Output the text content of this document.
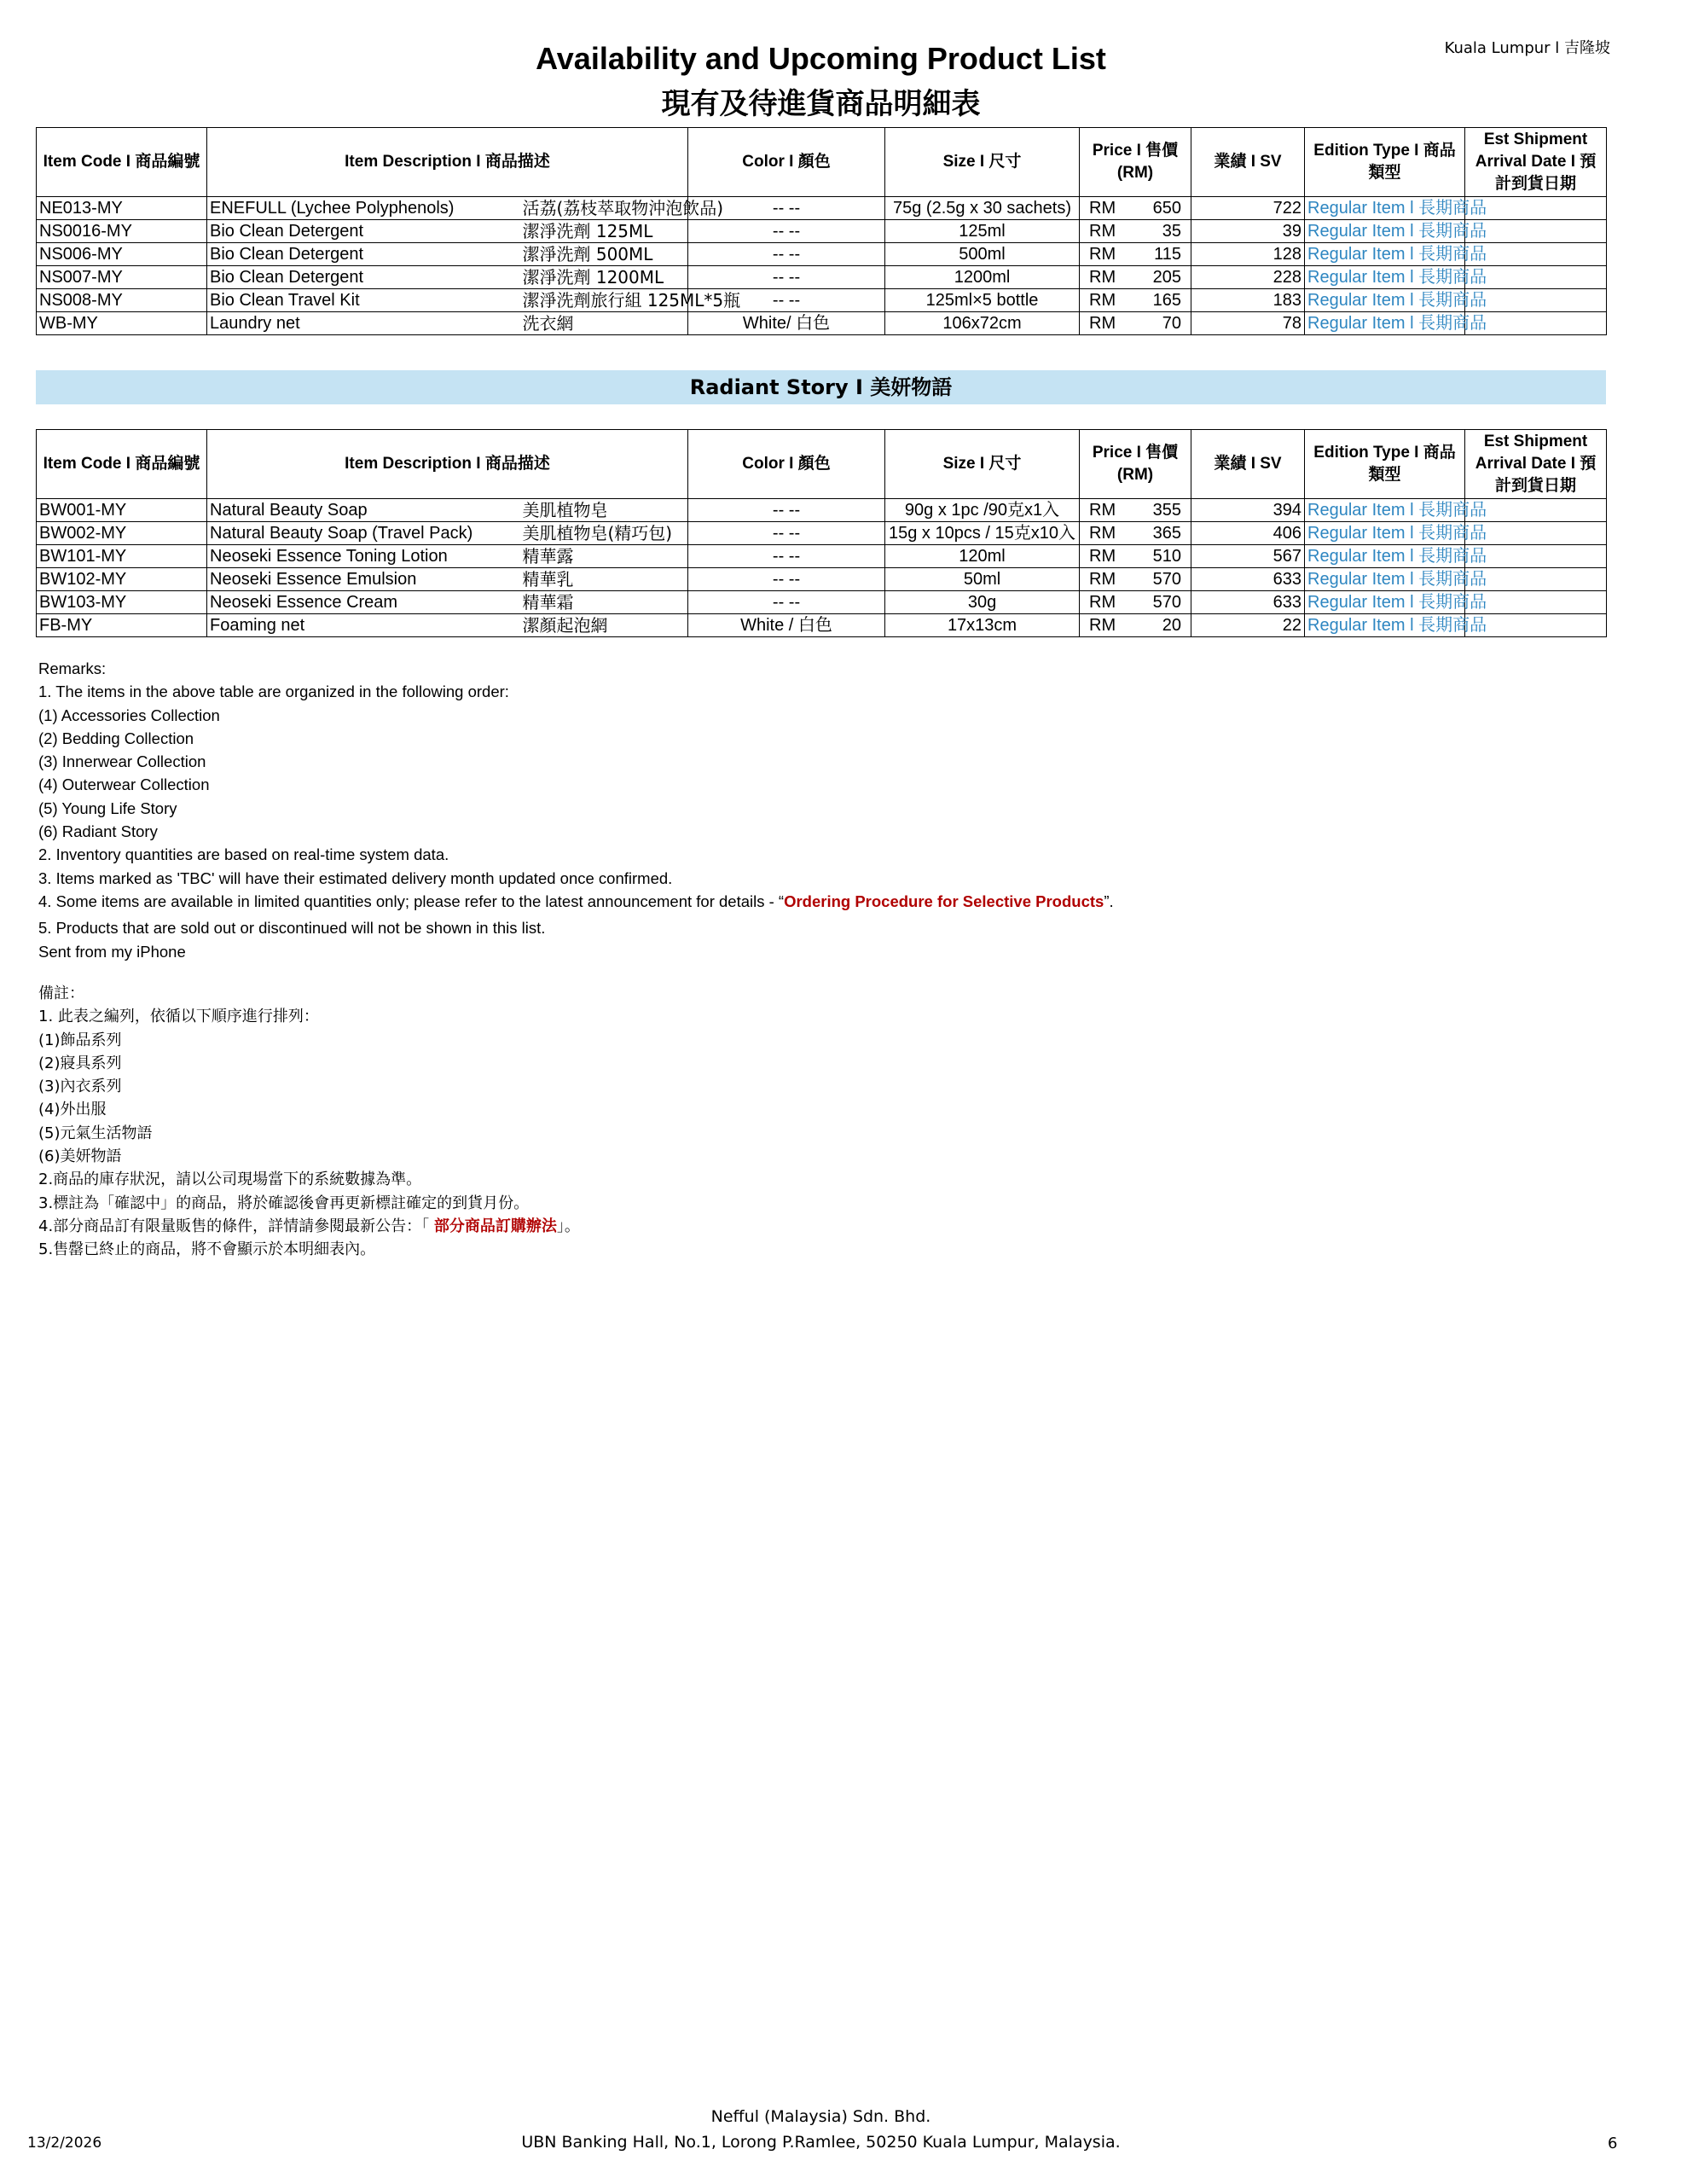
Kuala Lumpur l 吉隆坡
Availability and Upcoming Product List
現有及待進貨商品明細表
Item Code I 商品編號	Item Description I 商品描述		Color I 顏色	Size I 尺寸	Price I 售價 (RM)	業績 I SV	Edition Type I 商品類型	Est Shipment Arrival Date I 預計到貨日期
NE013-MY	ENEFULL (Lychee Polyphenols)	活荔(荔枝萃取物沖泡飲品)	-- --	75g (2.5g x 30 sachets)	RM 650	722	Regular Item l 長期商品	
NS0016-MY	Bio Clean Detergent	潔淨洗劑 125ML	-- --	125ml	RM 35	39	Regular Item l 長期商品	
NS006-MY	Bio Clean Detergent	潔淨洗劑 500ML	-- --	500ml	RM 115	128	Regular Item l 長期商品	
NS007-MY	Bio Clean Detergent	潔淨洗劑 1200ML	-- --	1200ml	RM 205	228	Regular Item l 長期商品	
NS008-MY	Bio Clean Travel Kit	潔淨洗劑旅行組 125ML*5瓶	-- --	125ml×5 bottle	RM 165	183	Regular Item l 長期商品	
WB-MY	Laundry net	洗衣網	White/ 白色	106x72cm	RM 70	78	Regular Item l 長期商品	
Radiant Story I 美妍物語
Item Code I 商品編號	Item Description I 商品描述		Color I 顏色	Size I 尺寸	Price I 售價 (RM)	業績 I SV	Edition Type I 商品類型	Est Shipment Arrival Date I 預計到貨日期
BW001-MY	Natural Beauty Soap	美肌植物皂	-- --	90g x 1pc /90克x1入	RM 355	394	Regular Item l 長期商品	
BW002-MY	Natural Beauty Soap (Travel Pack)	美肌植物皂(精巧包)	-- --	15g x 10pcs / 15克x10入	RM 365	406	Regular Item l 長期商品	
BW101-MY	Neoseki Essence Toning Lotion	精華露	-- --	120ml	RM 510	567	Regular Item l 長期商品	
BW102-MY	Neoseki Essence Emulsion	精華乳	-- --	50ml	RM 570	633	Regular Item l 長期商品	
BW103-MY	Neoseki Essence Cream	精華霜	-- --	30g	RM 570	633	Regular Item l 長期商品	
FB-MY	Foaming net	潔顏起泡網	White / 白色	17x13cm	RM 20	22	Regular Item l 長期商品	
Remarks:
1. The items in the above table are organized in the following order:
(1) Accessories Collection
(2) Bedding Collection
(3) Innerwear Collection
(4) Outerwear Collection
(5) Young Life Story
(6) Radiant Story
2. Inventory quantities are based on real-time system data.
3. Items marked as 'TBC' will have their estimated delivery month updated once confirmed.
4. Some items are available in limited quantities only; please refer to the latest announcement for details - “Ordering Procedure for Selective Products”.
5. Products that are sold out or discontinued will not be shown in this list.
Sent from my iPhone
備註：
1. 此表之編列，依循以下順序進行排列：
(1)飾品系列
(2)寢具系列
(3)內衣系列
(4)外出服
(5)元氣生活物語
(6)美妍物語
2.商品的庫存狀況，請以公司現場當下的系統數據為準。
3.標註為「確認中」的商品，將於確認後會再更新標註確定的到貨月份。
4.部分商品訂有限量販售的條件，詳情請參閱最新公告：「 部分商品訂購辦法」。
5.售罄已終止的商品，將不會顯示於本明細表內。
Nefful (Malaysia) Sdn. Bhd.
UBN Banking Hall, No.1, Lorong P.Ramlee, 50250 Kuala Lumpur, Malaysia.
13/2/2026	6
